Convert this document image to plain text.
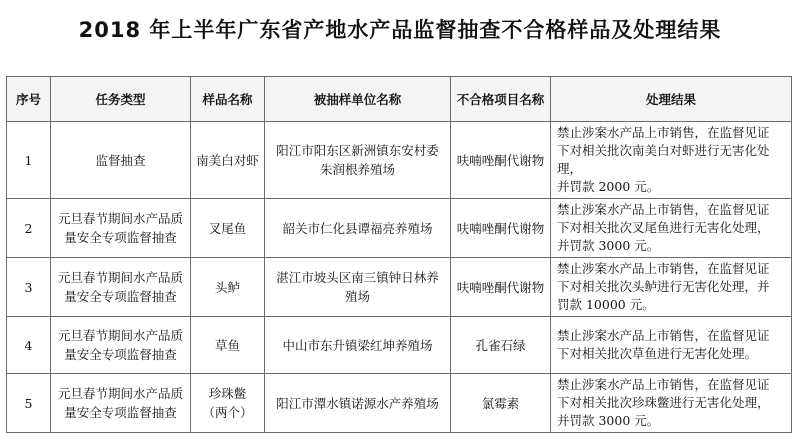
2018 年上半年广东省产地水产品监督抽查不合格样品及处理结果
序号	任务类型	样品名称	被抽样单位名称	不合格项目名称	处理结果
1	监督抽查	南美白对虾	阳江市阳东区新洲镇东安村委
朱润根养殖场	呋喃唑酮代谢物	禁止涉案水产品上市销售，在监督见证
下对相关批次南美白对虾进行无害化处理，
并罚款 2000 元。
2	元旦春节期间水产品质
量安全专项监督抽查	叉尾鱼	韶关市仁化县谭福亮养殖场	呋喃唑酮代谢物	禁止涉案水产品上市销售，在监督见证
下对相关批次叉尾鱼进行无害化处理，
并罚款 3000 元。
3	元旦春节期间水产品质
量安全专项监督抽查	头鲈	湛江市坡头区南三镇钟日林养
殖场	呋喃唑酮代谢物	禁止涉案水产品上市销售，在监督见证
下对相关批次头鲈进行无害化处理，并
罚款 10000 元。
4	元旦春节期间水产品质
量安全专项监督抽查	草鱼	中山市东升镇梁红坤养殖场	孔雀石绿	禁止涉案水产品上市销售，在监督见证
下对相关批次草鱼进行无害化处理。
5	元旦春节期间水产品质
量安全专项监督抽查	珍珠鳖
（两个）	阳江市潭水镇诺源水产养殖场	氯霉素	禁止涉案水产品上市销售，在监督见证
下对相关批次珍珠鳖进行无害化处理，
并罚款 3000 元。
